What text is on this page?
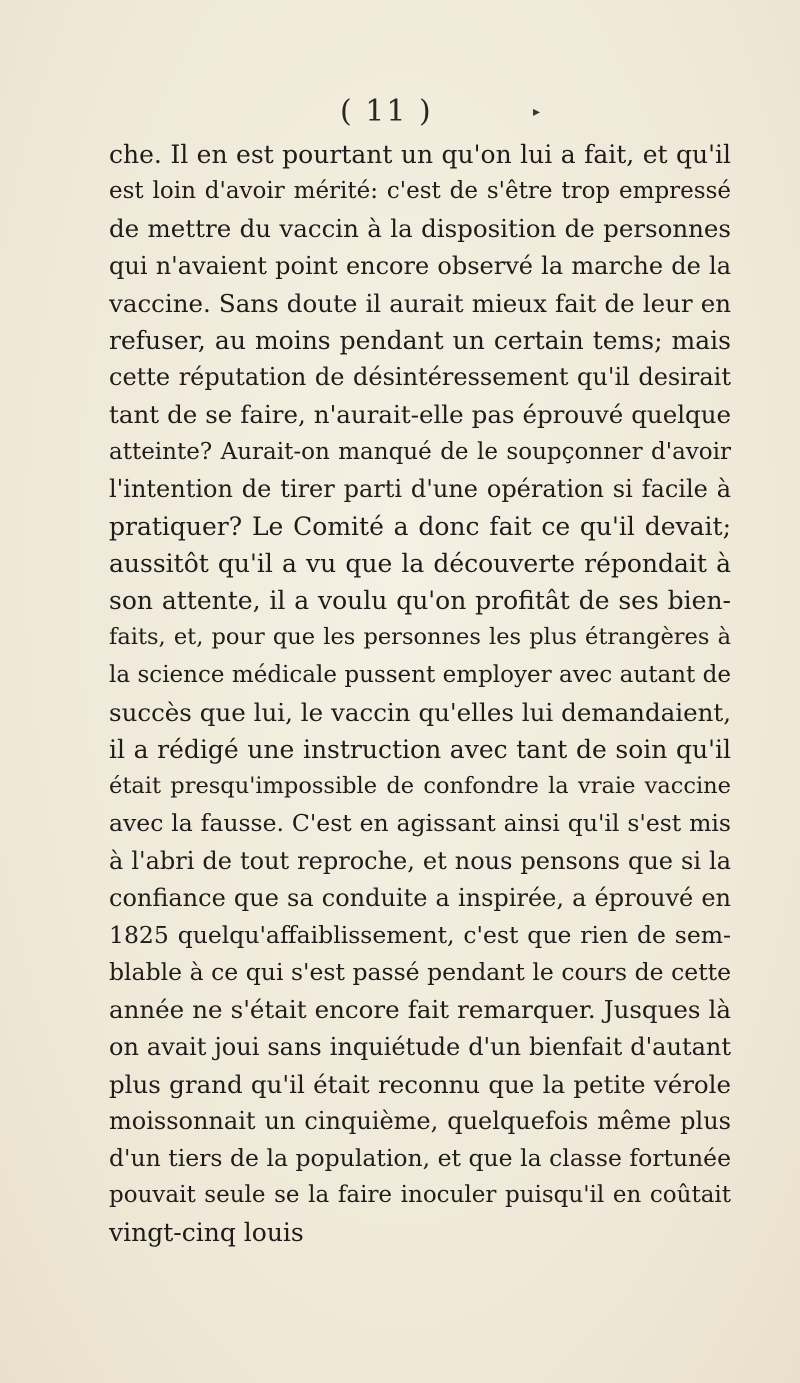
( 11 )	▸
che. Il en est pourtant un qu'on lui a fait, et qu'il
est loin d'avoir mérité: c'est de s'être trop empressé
de mettre du vaccin à la disposition de personnes
qui n'avaient point encore observé la marche de la
vaccine. Sans doute il aurait mieux fait de leur en
refuser, au moins pendant un certain tems; mais
cette réputation de désintéressement qu'il desirait
tant de se faire, n'aurait-elle pas éprouvé quelque
atteinte? Aurait-on manqué de le soupçonner d'avoir
l'intention de tirer parti d'une opération si facile à
pratiquer? Le Comité a donc fait ce qu'il devait;
aussitôt qu'il a vu que la découverte répondait à
son attente, il a voulu qu'on profitât de ses bien-
faits, et, pour que les personnes les plus étrangères à
la science médicale pussent employer avec autant de
succès que lui, le vaccin qu'elles lui demandaient,
il a rédigé une instruction avec tant de soin qu'il
était presqu'impossible de confondre la vraie vaccine
avec la fausse. C'est en agissant ainsi qu'il s'est mis
à l'abri de tout reproche, et nous pensons que si la
confiance que sa conduite a inspirée, a éprouvé en
1825 quelqu'affaiblissement, c'est que rien de sem-
blable à ce qui s'est passé pendant le cours de cette
année ne s'était encore fait remarquer. Jusques là
on avait joui sans inquiétude d'un bienfait d'autant
plus grand qu'il était reconnu que la petite vérole
moissonnait un cinquième, quelquefois même plus
d'un tiers de la population, et que la classe fortunée
pouvait seule se la faire inoculer puisqu'il en coûtait
vingt-cinq louis
